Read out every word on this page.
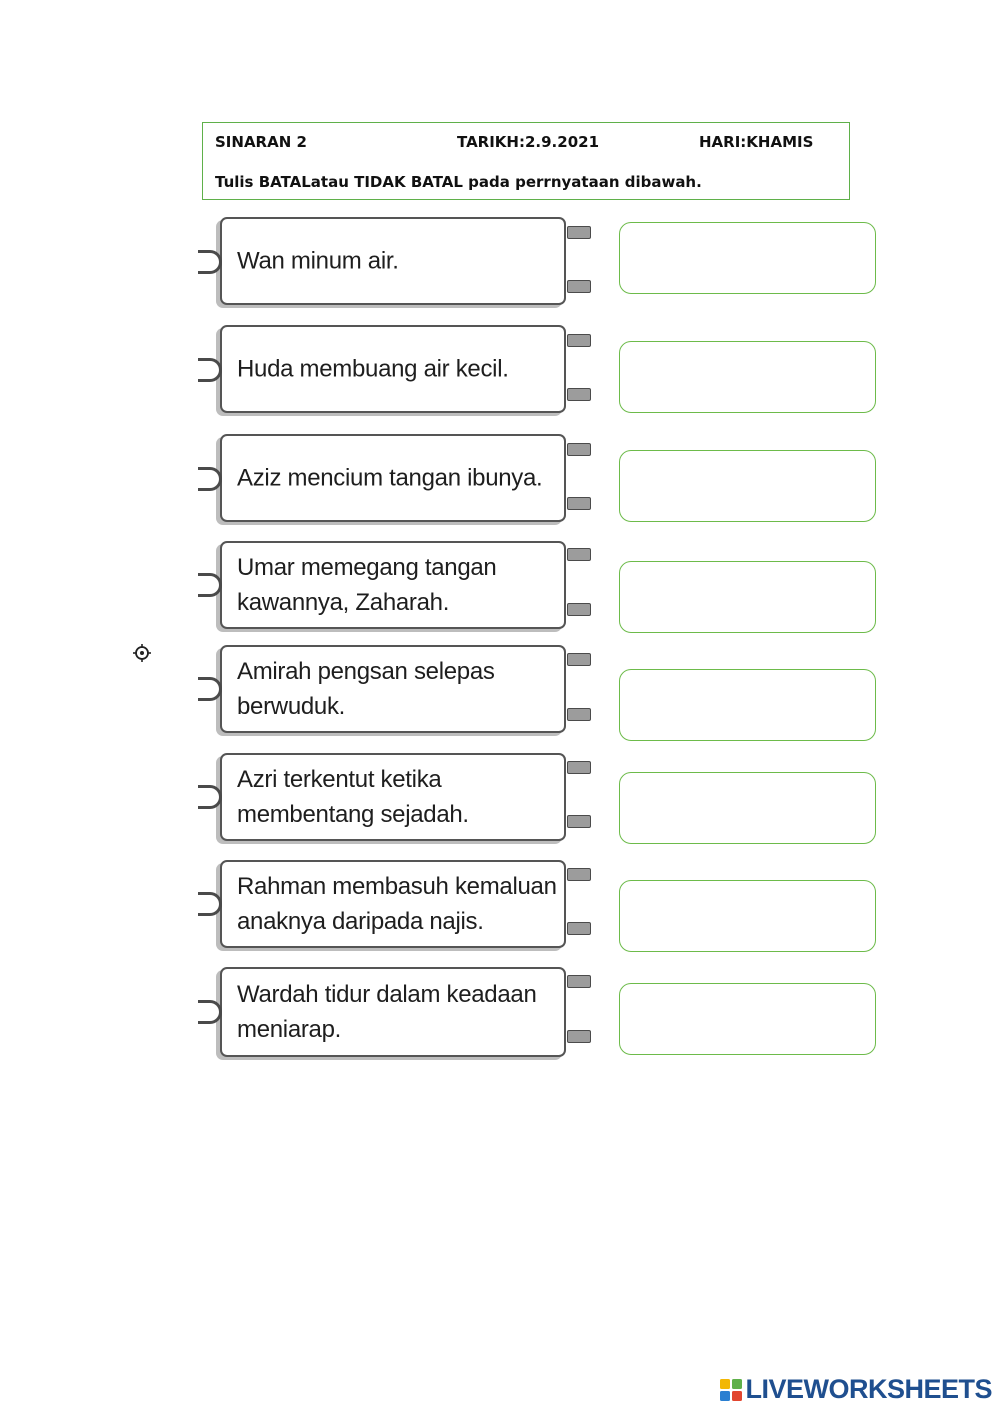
SINARAN 2	TARIKH:2.9.2021	HARI:KHAMIS
Tulis BATALatau TIDAK BATAL pada perrnyataan dibawah.
Wan minum air.
Huda membuang air kecil.
Aziz mencium tangan ibunya.
Umar memegang tangan kawannya, Zaharah.
Amirah pengsan selepas berwuduk.
Azri terkentut ketika membentang sejadah.
Rahman membasuh kemaluan anaknya daripada najis.
Wardah tidur dalam keadaan meniarap.
LIVEWORKSHEETS
